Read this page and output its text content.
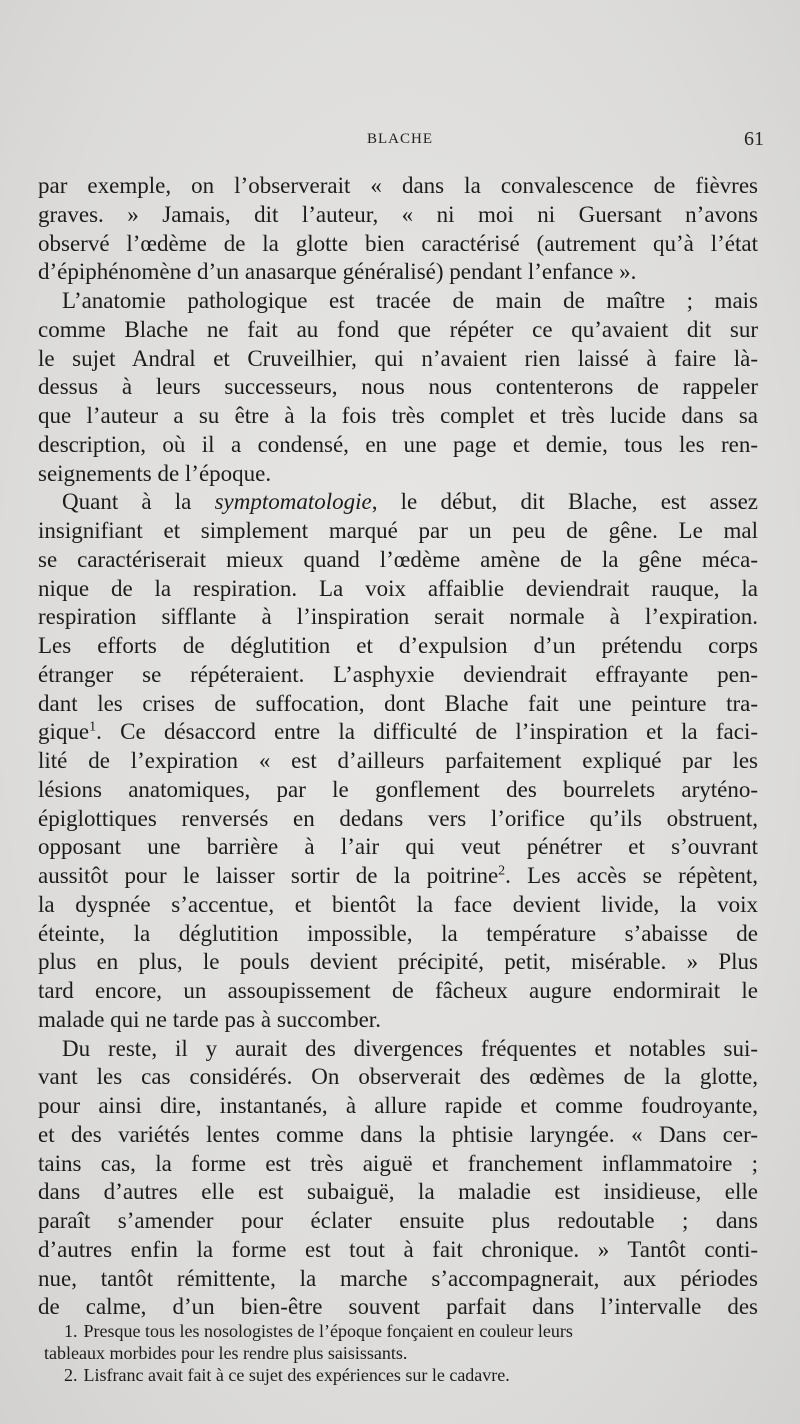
BLACHE	61

par exemple, on l’observerait « dans la convalescence de fièvres
graves. » Jamais, dit l’auteur, « ni moi ni Guersant n’avons
observé l’œdème de la glotte bien caractérisé (autrement qu’à l’état
d’épiphénomène d’un anasarque généralisé) pendant l’enfance ».

L’anatomie pathologique est tracée de main de maître ; mais
comme Blache ne fait au fond que répéter ce qu’avaient dit sur
le sujet Andral et Cruveilhier, qui n’avaient rien laissé à faire là-
dessus à leurs successeurs, nous nous contenterons de rappeler
que l’auteur a su être à la fois très complet et très lucide dans sa
description, où il a condensé, en une page et demie, tous les ren-
seignements de l’époque.

Quant à la symptomatologie, le début, dit Blache, est assez
insignifiant et simplement marqué par un peu de gêne. Le mal
se caractériserait mieux quand l’œdème amène de la gêne méca-
nique de la respiration. La voix affaiblie deviendrait rauque, la
respiration sifflante à l’inspiration serait normale à l’expiration.
Les efforts de déglutition et d’expulsion d’un prétendu corps
étranger se répéteraient. L’asphyxie deviendrait effrayante pen-
dant les crises de suffocation, dont Blache fait une peinture tra-
gique$^1$. Ce désaccord entre la difficulté de l’inspiration et la faci-
lité de l’expiration « est d’ailleurs parfaitement expliqué par les
lésions anatomiques, par le gonflement des bourrelets aryténo-
épiglottiques renversés en dedans vers l’orifice qu’ils obstruent,
opposant une barrière à l’air qui veut pénétrer et s’ouvrant
aussitôt pour le laisser sortir de la poitrine$^2$. Les accès se répètent,
la dyspnée s’accentue, et bientôt la face devient livide, la voix
éteinte, la déglutition impossible, la température s’abaisse de
plus en plus, le pouls devient précipité, petit, misérable. » Plus
tard encore, un assoupissement de fâcheux augure endormirait le
malade qui ne tarde pas à succomber.

Du reste, il y aurait des divergences fréquentes et notables sui-
vant les cas considérés. On observerait des œdèmes de la glotte,
pour ainsi dire, instantanés, à allure rapide et comme foudroyante,
et des variétés lentes comme dans la phtisie laryngée. « Dans cer-
tains cas, la forme est très aiguë et franchement inflammatoire ;
dans d’autres elle est subaiguë, la maladie est insidieuse, elle
paraît s’amender pour éclater ensuite plus redoutable ; dans
d’autres enfin la forme est tout à fait chronique. » Tantôt conti-
nue, tantôt rémittente, la marche s’accompagnerait, aux périodes
de calme, d’un bien-être souvent parfait dans l’intervalle des

1. Presque tous les nosologistes de l’époque fonçaient en couleur leurs
tableaux morbides pour les rendre plus saisissants.
2. Lisfranc avait fait à ce sujet des expériences sur le cadavre.
